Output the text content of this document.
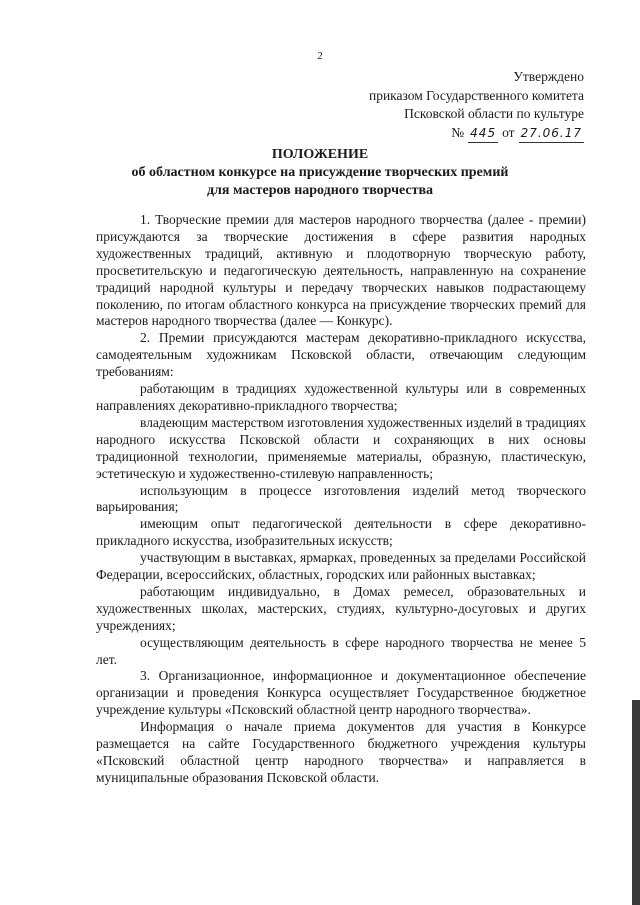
2
Утверждено
приказом Государственного комитета
Псковской области по культуре
№ 445 от 27.06.17
ПОЛОЖЕНИЕ
об областном конкурсе на присуждение творческих премий
для мастеров народного творчества

1. Творческие премии для мастеров народного творчества (далее - премии) присуждаются за творческие достижения в сфере развития народных художественных традиций, активную и плодотворную творческую работу, просветительскую и педагогическую деятельность, направленную на сохранение традиций народной культуры и передачу творческих навыков подрастающему поколению, по итогам областного конкурса на присуждение творческих премий для мастеров народного творчества (далее — Конкурс).

2. Премии присуждаются мастерам декоративно-прикладного искусства, самодеятельным художникам Псковской области, отвечающим следующим требованиям:

работающим в традициях художественной культуры или в современных направлениях декоративно-прикладного творчества;

владеющим мастерством изготовления художественных изделий в традициях народного искусства Псковской области и сохраняющих в них основы традиционной технологии, применяемые материалы, образную, пластическую, эстетическую и художественно-стилевую направленность;

использующим в процессе изготовления изделий метод творческого варьирования;

имеющим опыт педагогической деятельности в сфере декоративно-прикладного искусства, изобразительных искусств;

участвующим в выставках, ярмарках, проведенных за пределами Российской Федерации, всероссийских, областных, городских или районных выставках;

работающим индивидуально, в Домах ремесел, образовательных и художественных школах, мастерских, студиях, культурно-досуговых и других учреждениях;

осуществляющим деятельность в сфере народного творчества не менее 5 лет.

3. Организационное, информационное и документационное обеспечение организации и проведения Конкурса осуществляет Государственное бюджетное учреждение культуры «Псковский областной центр народного творчества».

Информация о начале приема документов для участия в Конкурсе размещается на сайте Государственного бюджетного учреждения культуры «Псковский областной центр народного творчества» и направляется в муниципальные образования Псковской области.
